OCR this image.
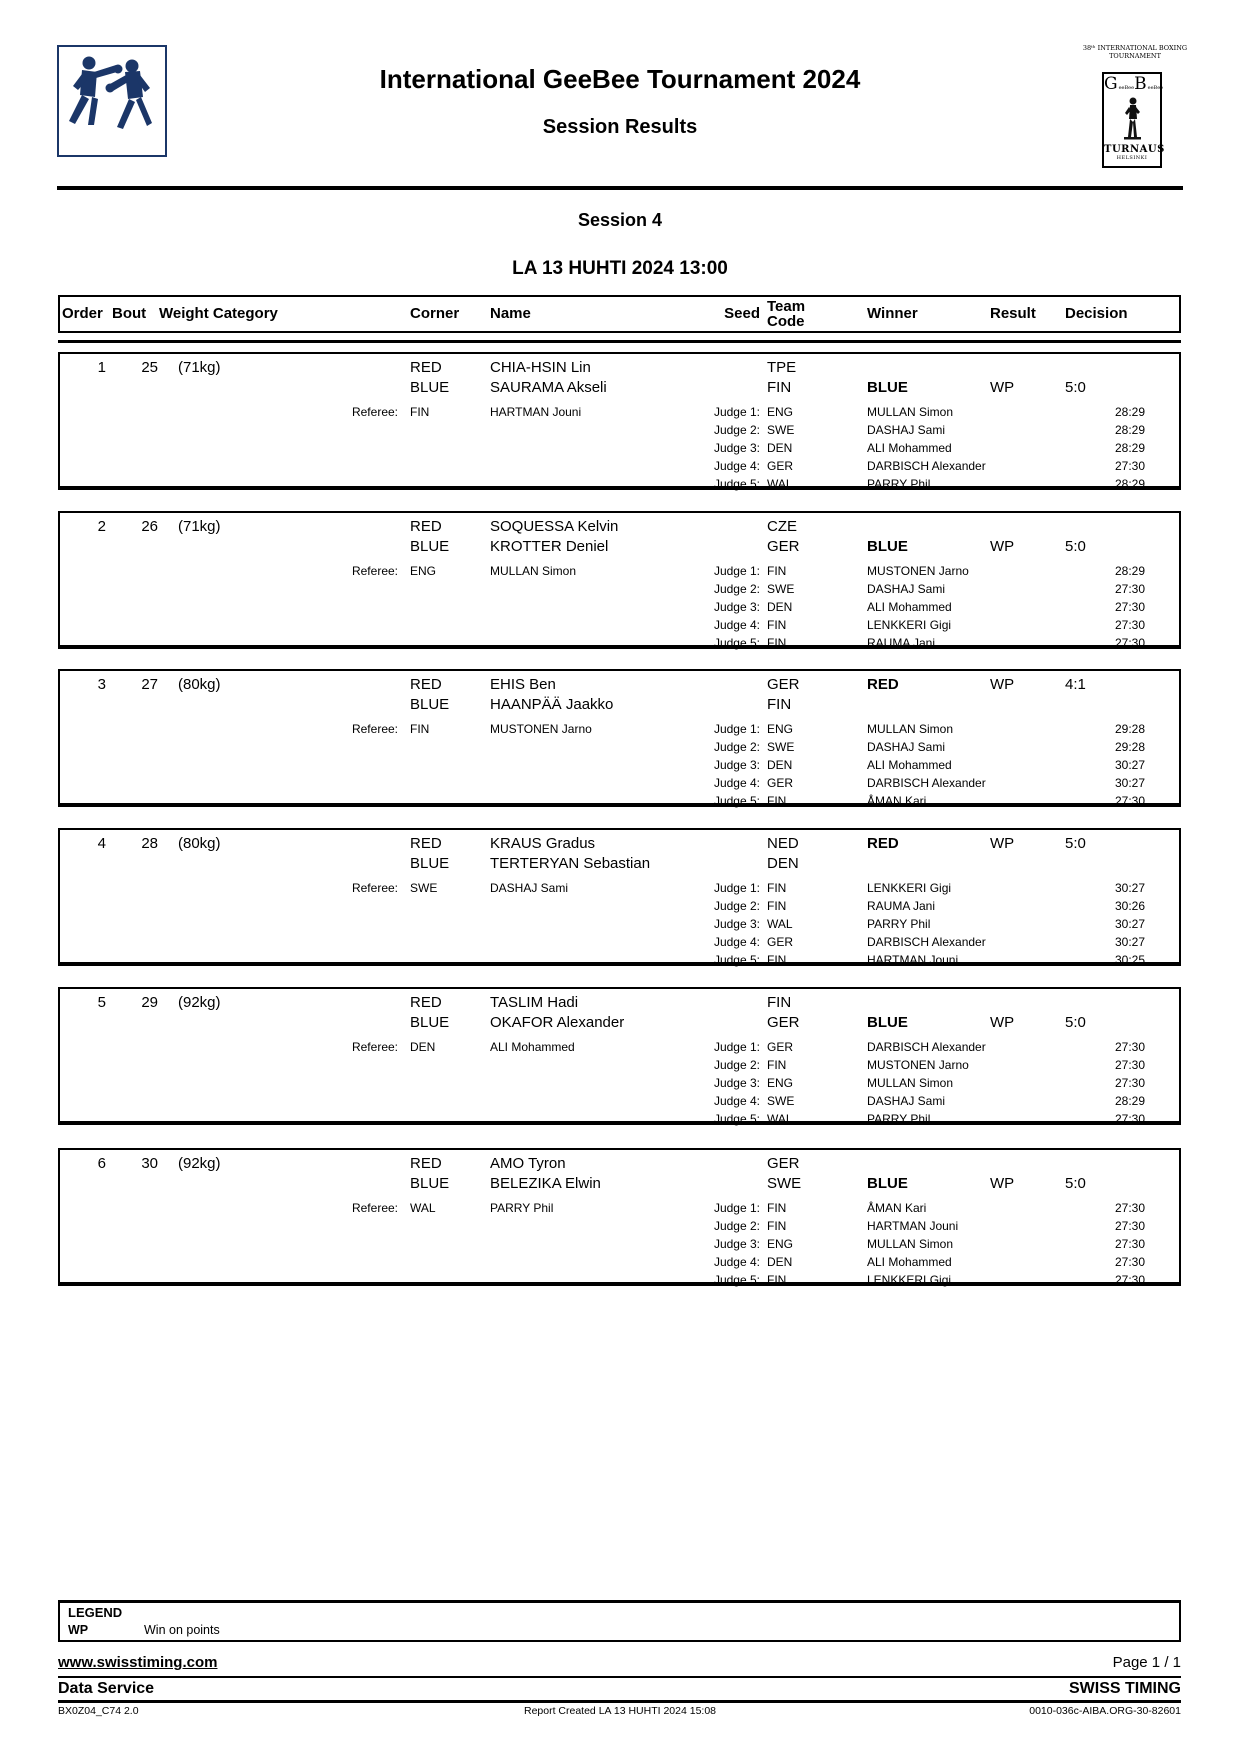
International GeeBee Tournament 2024
Session Results
38ᵗʰ INTERNATIONAL BOXING
TOURNAMENT
GeeBeeBeeBee
TURNAUS
HELSINKI
Session 4
LA 13 HUHTI 2024 13:00
Order Bout Weight Category	Corner Name	Seed Team
Code	Winner	Result Decision
1	25 (71kg)	RED	CHIA-HSIN Lin	TPE
BLUE	SAURAMA Akseli	FIN	BLUE	WP	5:0
Referee: FIN	HARTMAN Jouni	Judge 1: ENG	MULLAN Simon	28:29
Judge 2: SWE	DASHAJ Sami	28:29
Judge 3: DEN	ALI Mohammed	28:29
Judge 4: GER	DARBISCH Alexander	27:30
Judge 5: WAL	PARRY Phil	28:29
2	26 (71kg)	RED	SOQUESSA Kelvin	CZE
BLUE	KROTTER Deniel	GER	BLUE	WP	5:0
Referee: ENG	MULLAN Simon	Judge 1: FIN	MUSTONEN Jarno	28:29
Judge 2: SWE	DASHAJ Sami	27:30
Judge 3: DEN	ALI Mohammed	27:30
Judge 4: FIN	LENKKERI Gigi	27:30
Judge 5: FIN	RAUMA Jani	27:30
3	27 (80kg)	RED	EHIS Ben	GER	RED	WP	4:1
BLUE	HAANPÄÄ Jaakko	FIN
Referee: FIN	MUSTONEN Jarno	Judge 1: ENG	MULLAN Simon	29:28
Judge 2: SWE	DASHAJ Sami	29:28
Judge 3: DEN	ALI Mohammed	30:27
Judge 4: GER	DARBISCH Alexander	30:27
Judge 5: FIN	ÅMAN Kari	27:30
4	28 (80kg)	RED	KRAUS Gradus	NED	RED	WP	5:0
BLUE	TERTERYAN Sebastian	DEN
Referee: SWE	DASHAJ Sami	Judge 1: FIN	LENKKERI Gigi	30:27
Judge 2: FIN	RAUMA Jani	30:26
Judge 3: WAL	PARRY Phil	30:27
Judge 4: GER	DARBISCH Alexander	30:27
Judge 5: FIN	HARTMAN Jouni	30:25
5	29 (92kg)	RED	TASLIM Hadi	FIN
BLUE	OKAFOR Alexander	GER	BLUE	WP	5:0
Referee: DEN	ALI Mohammed	Judge 1: GER	DARBISCH Alexander	27:30
Judge 2: FIN	MUSTONEN Jarno	27:30
Judge 3: ENG	MULLAN Simon	27:30
Judge 4: SWE	DASHAJ Sami	28:29
Judge 5: WAL	PARRY Phil	27:30
6	30 (92kg)	RED	AMO Tyron	GER
BLUE	BELEZIKA Elwin	SWE	BLUE	WP	5:0
Referee: WAL	PARRY Phil	Judge 1: FIN	ÅMAN Kari	27:30
Judge 2: FIN	HARTMAN Jouni	27:30
Judge 3: ENG	MULLAN Simon	27:30
Judge 4: DEN	ALI Mohammed	27:30
Judge 5: FIN	LENKKERI Gigi	27:30
LEGEND
WP	Win on points
www.swisstiming.com	Page 1 / 1
Data Service	SWISS TIMING
BX0Z04_C74 2.0	Report Created LA 13 HUHTI 2024 15:08	0010-036c-AIBA.ORG-30-82601
